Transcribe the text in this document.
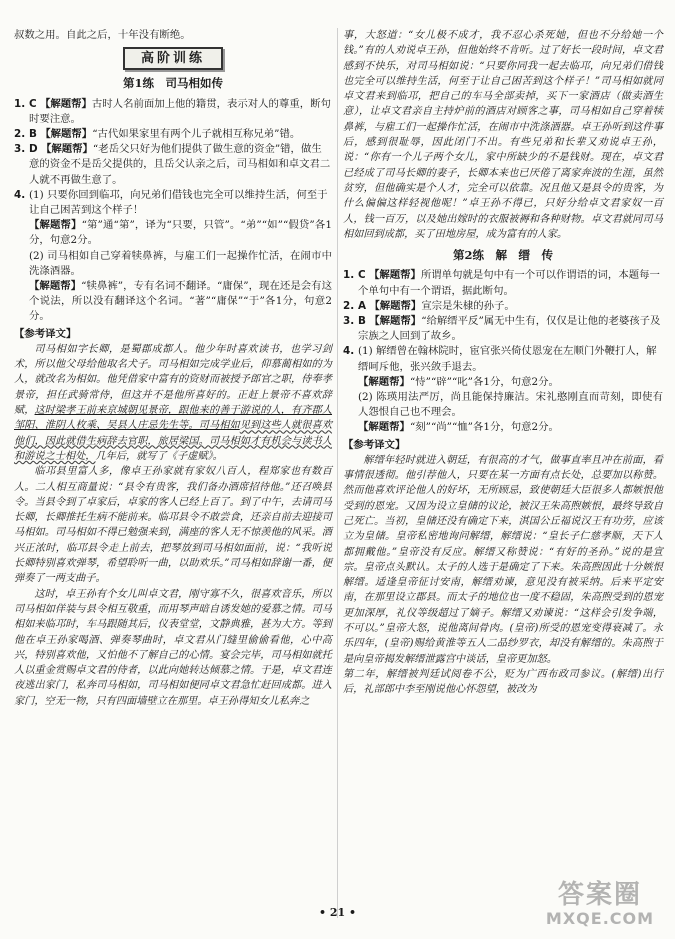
叔数之用。自此之后，十年没有断绝。

高阶训练
第1练　司马相如传
1. C 【解题帮】古时人名前面加上他的籍贯，表示对人的尊重，断句时要注意。
2. B 【解题帮】“古代如果家里有两个儿子就相互称兄弟”错。
3. D 【解题帮】“老岳父只好为他们提供了做生意的资金”错，做生意的资金不是岳父提供的，且岳父认亲之后，司马相如和卓文君二人就不再做生意了。
4. (1) 只要你回到临邛，向兄弟们借钱也完全可以维持生活，何至于让自己困苦到这个样子！

【解题帮】“第”通“第”，译为“只要，只管”。“弟”“如”“假贷”各1分，句意2分。

(2) 司马相如自己穿着犊鼻裤，与雇工们一起操作忙活，在闹市中洗涤酒器。

【解题帮】“犊鼻裤”，专有名词不翻译。“庸保”，现在还是会有这个说法，所以没有翻译这个名词。“著”“庸保”“于”各1分，句意2分。

【参考译文】

司马相如字长卿，是蜀郡成都人。他少年时喜欢读书，也学习剑术，所以他父母给他取名犬子。司马相如完成学业后，仰慕蔺相如的为人，就改名为相如。他凭借家中富有的资财而被授予郎官之职，侍奉孝景帝，担任武骑常侍，但这并不是他所喜好的。正赶上景帝不喜欢辞赋，这时梁孝王前来京城朝见景帝，跟他来的善于游说的人，有齐郡人邹阳、淮阴人枚乘、吴县人庄忌先生等。司马相如见到这些人就很喜欢他们，因此就借生病辞去官职，旅居梁国。司马相如才有机会与读书人和游说之士相处，几年后，就写了《子虚赋》。

临邛县里富人多，像卓王孙家就有家奴八百人，程郑家也有数百人。二人相互商量说：“县令有贵客，我们备办酒席招待他。”还召唤县令。当县令到了卓家后，卓家的客人已经上百了。到了中午，去请司马长卿，长卿推托生病不能前来。临邛县令不敢尝食，还亲自前去迎接司马相如。司马相如不得已勉强来到，满座的客人无不惊羡他的风采。酒兴正浓时，临邛县令走上前去，把琴放到司马相如面前，说：“我听说长卿特别喜欢弹琴，希望聆听一曲，以助欢乐。”司马相如辞谢一番，便弹奏了一两支曲子。

这时，卓王孙有个女儿叫卓文君，刚守寡不久，很喜欢音乐，所以司马相如佯装与县令相互敬重，而用琴声暗自诱发她的爱慕之情。司马相如来临邛时，车马跟随其后，仪表堂堂，文静典雅，甚为大方。等到他在卓王孙家喝酒、弹奏琴曲时，卓文君从门缝里偷偷看他，心中高兴，特别喜欢他，又怕他不了解自己的心情。宴会完毕，司马相如就托人以重金赏赐卓文君的侍者，以此向她转达倾慕之情。于是，卓文君连夜逃出家门，私奔司马相如，司马相如便同卓文君急忙赶回成都。进入家门，空无一物，只有四面墙壁立在那里。卓王孙得知女儿私奔之

事，大怒道：“女儿极不成才，我不忍心杀死她，但也不分给她一个钱。”有的人劝说卓王孙，但他始终不肯听。过了好长一段时间，卓文君感到不快乐，对司马相如说：“只要你同我一起去临邛，向兄弟们借钱也完全可以维持生活，何至于让自己困苦到这个样子！”司马相如就同卓文君来到临邛，把自己的车马全部卖掉，买下一家酒店（做卖酒生意），让卓文君亲自主持炉前的酒店对顾客之事，司马相如自己穿着犊鼻裤，与雇工们一起操作忙活，在闹市中洗涤酒器。卓王孙听到这件事后，感到很耻辱，因此闭门不出。有些兄弟和长辈又劝说卓王孙，说：“你有一个儿子两个女儿，家中所缺少的不是钱财。现在，卓文君已经成了司马长卿的妻子，长卿本来也已厌倦了离家奔波的生涯，虽然贫穷，但他确实是个人才，完全可以依靠。况且他又是县令的贵客，为什么偏偏这样轻视他呢！”卓王孙不得已，只好分给卓文君家奴一百人，钱一百万，以及她出嫁时的衣服被褥和各种财物。卓文君就同司马相如回到成都，买了田地房屋，成为富有的人家。

第2练　解　缙　传
1. C 【解题帮】所谓单句就是句中有一个可以作谓语的词，本题每一个单句中有一个谓语，据此断句。
2. A 【解题帮】宣宗是朱棣的孙子。
3. B 【解题帮】“给解缙平反”属无中生有，仅仅是让他的老婆孩子及宗族之人回到了故乡。
4. (1) 解缙曾在翰林院时，宦官张兴倚仗恩宠在左顺门外鞭打人，解缙呵斥他，张兴敛手退去。

【解题帮】“恃”“辟”“叱”各1分，句意2分。

(2) 陈瑛用法严厉，尚且能保持廉洁。宋礼憨刚直而苛刻，即使有人怨恨自己也不理会。

【解题帮】“刻”“尚”“恤”各1分，句意2分。

【参考译文】

解缙年轻时就进入朝廷，有很高的才气，做事直率且冲在前面，看事情很透彻。他引荐他人，只要在某一方面有点长处，总要加以称赞。然而他喜欢评论他人的好坏，无所顾忌，致使朝廷大臣很多人都嫉恨他受到的恩宠。又因为设立皇储的议论，被汉王朱高煦嫉恨，最终导致自己死亡。当初，皇储还没有确定下来，淇国公丘福说汉王有功劳，应该立为皇储。皇帝私密地询问解缙，解缙说：“皇长子仁慈孝顺，天下人都拥戴他。”皇帝没有反应。解缙又称赞说：“有好的圣孙。”说的是宣宗。皇帝点头默认。太子的人选于是确定了下来。朱高煦因此十分嫉恨解缙。适逢皇帝征讨安南，解缙劝谏，意见没有被采纳。后来平定安南，在那里设立郡县。而太子的地位也一度不稳固，朱高煦受到的恩宠更加深厚，礼仪等级超过了嫡子。解缙又劝谏说：“这样会引发争端，不可以。”皇帝大怒，说他离间骨肉。(皇帝)所受的恩宠变得衰减了。永乐四年，(皇帝)赐给黄淮等五人二品纱罗衣，却没有解缙的。朱高煦于是向皇帝揭发解缙泄露宫中谈话，皇帝更加怒。

第二年，解缙被判廷试阅卷不公，贬为广西布政司参议。(解缙)出行后，礼部郎中李至刚说他心怀怨望，被改为

• 21 •
答案圈
MXQE.COM
